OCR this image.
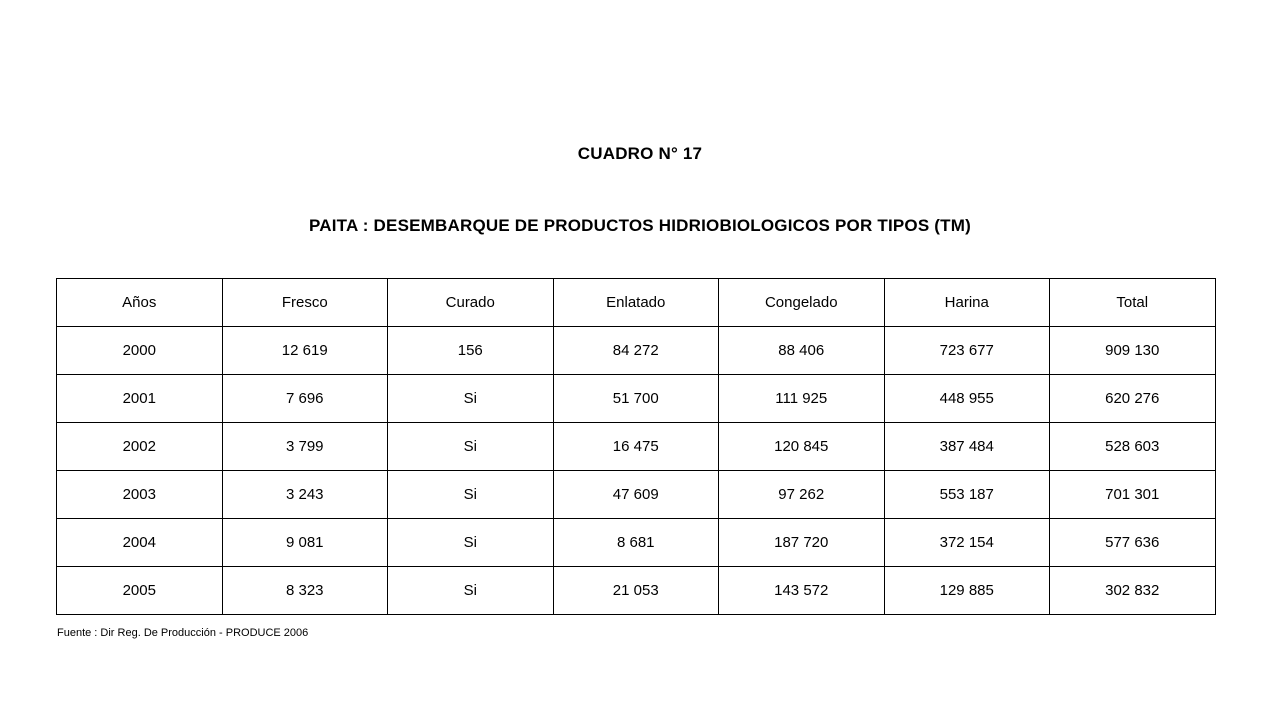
CUADRO N° 17
PAITA : DESEMBARQUE DE PRODUCTOS HIDRIOBIOLOGICOS POR TIPOS (TM)
Años	Fresco	Curado	Enlatado	Congelado	Harina	Total
2000	12 619	156	84 272	88 406	723 677	909 130
2001	7 696	Si	51 700	111 925	448 955	620 276
2002	3 799	Si	16 475	120 845	387 484	528 603
2003	3 243	Si	47 609	97 262	553 187	701 301
2004	9 081	Si	8 681	187 720	372 154	577 636
2005	8 323	Si	21 053	143 572	129 885	302 832
Fuente : Dir Reg. De Producción - PRODUCE 2006
